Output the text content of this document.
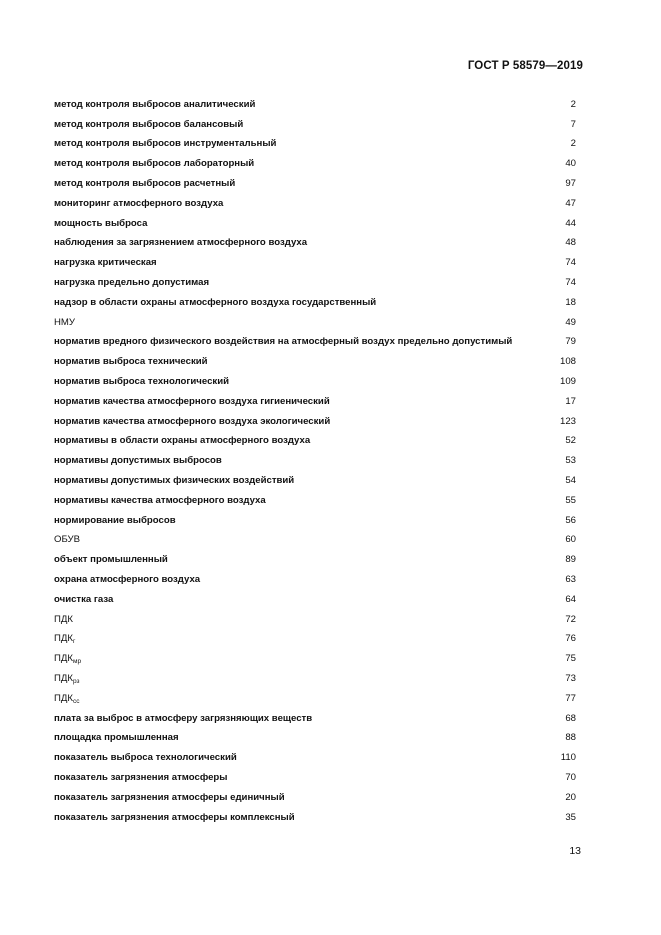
ГОСТ Р 58579—2019
метод контроля выбросов аналитический	2
метод контроля выбросов балансовый	7
метод контроля выбросов инструментальный	2
метод контроля выбросов лабораторный	40
метод контроля выбросов расчетный	97
мониторинг атмосферного воздуха	47
мощность выброса	44
наблюдения за загрязнением атмосферного воздуха	48
нагрузка критическая	74
нагрузка предельно допустимая	74
надзор в области охраны атмосферного воздуха государственный	18
НМУ	49
норматив вредного физического воздействия на атмосферный воздух предельно допустимый	79
норматив выброса технический	108
норматив выброса технологический	109
норматив качества атмосферного воздуха гигиенический	17
норматив качества атмосферного воздуха экологический	123
нормативы в области охраны атмосферного воздуха	52
нормативы допустимых выбросов	53
нормативы допустимых физических воздействий	54
нормативы качества атмосферного воздуха	55
нормирование выбросов	56
ОБУВ	60
объект промышленный	89
охрана атмосферного воздуха	63
очистка газа	64
ПДК	72
$ПДК_г$	76
$ПДК_{мр}$	75
$ПДК_{рз}$	73
$ПДК_{сс}$	77
плата за выброс в атмосферу загрязняющих веществ	68
площадка промышленная	88
показатель выброса технологический	110
показатель загрязнения атмосферы	70
показатель загрязнения атмосферы единичный	20
показатель загрязнения атмосферы комплексный	35
13
